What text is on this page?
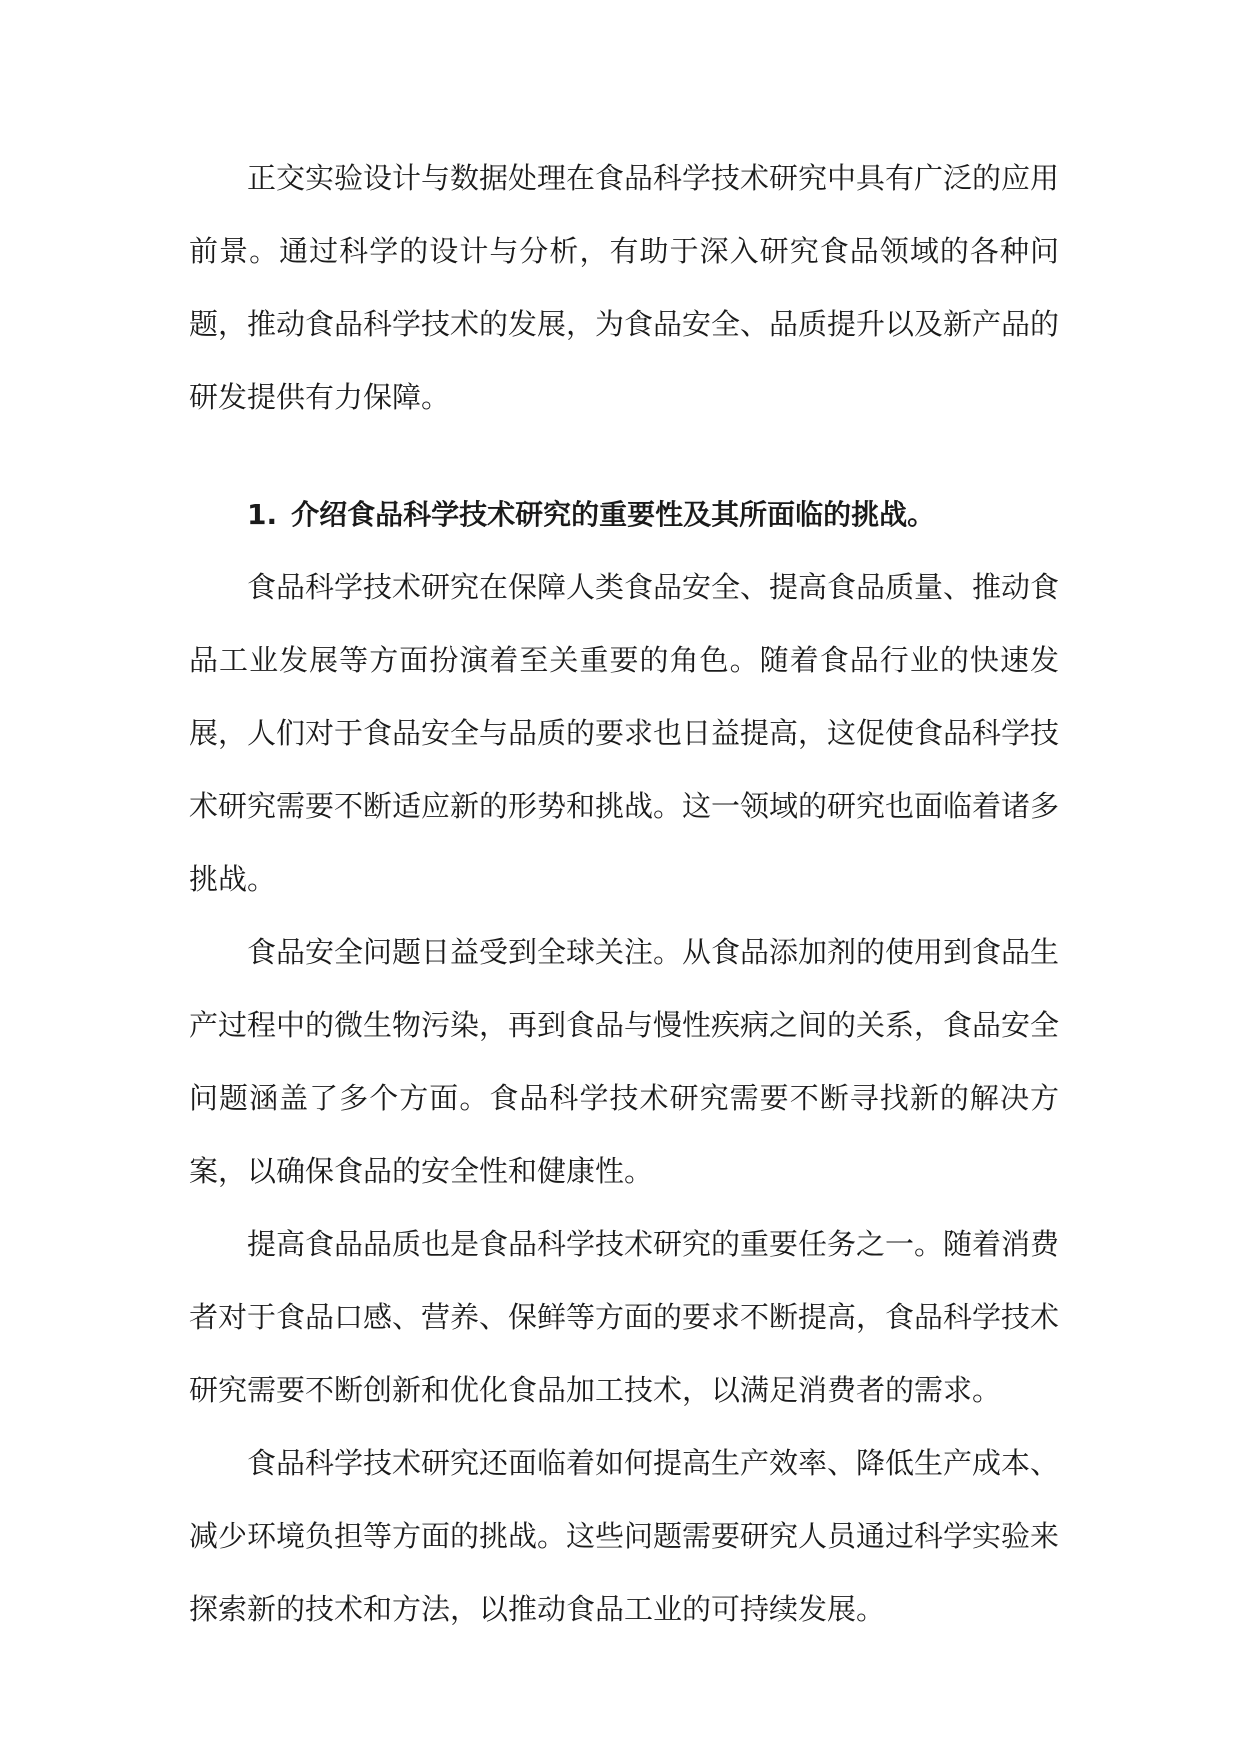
正交实验设计与数据处理在食品科学技术研究中具有广泛的应用前景。通过科学的设计与分析，有助于深入研究食品领域的各种问题，推动食品科学技术的发展，为食品安全、品质提升以及新产品的研发提供有力保障。

1. 介绍食品科学技术研究的重要性及其所面临的挑战。

食品科学技术研究在保障人类食品安全、提高食品质量、推动食品工业发展等方面扮演着至关重要的角色。随着食品行业的快速发展，人们对于食品安全与品质的要求也日益提高，这促使食品科学技术研究需要不断适应新的形势和挑战。这一领域的研究也面临着诸多挑战。

食品安全问题日益受到全球关注。从食品添加剂的使用到食品生产过程中的微生物污染，再到食品与慢性疾病之间的关系，食品安全问题涵盖了多个方面。食品科学技术研究需要不断寻找新的解决方案，以确保食品的安全性和健康性。

提高食品品质也是食品科学技术研究的重要任务之一。随着消费者对于食品口感、营养、保鲜等方面的要求不断提高，食品科学技术研究需要不断创新和优化食品加工技术，以满足消费者的需求。

食品科学技术研究还面临着如何提高生产效率、降低生产成本、减少环境负担等方面的挑战。这些问题需要研究人员通过科学实验来探索新的技术和方法，以推动食品工业的可持续发展。
